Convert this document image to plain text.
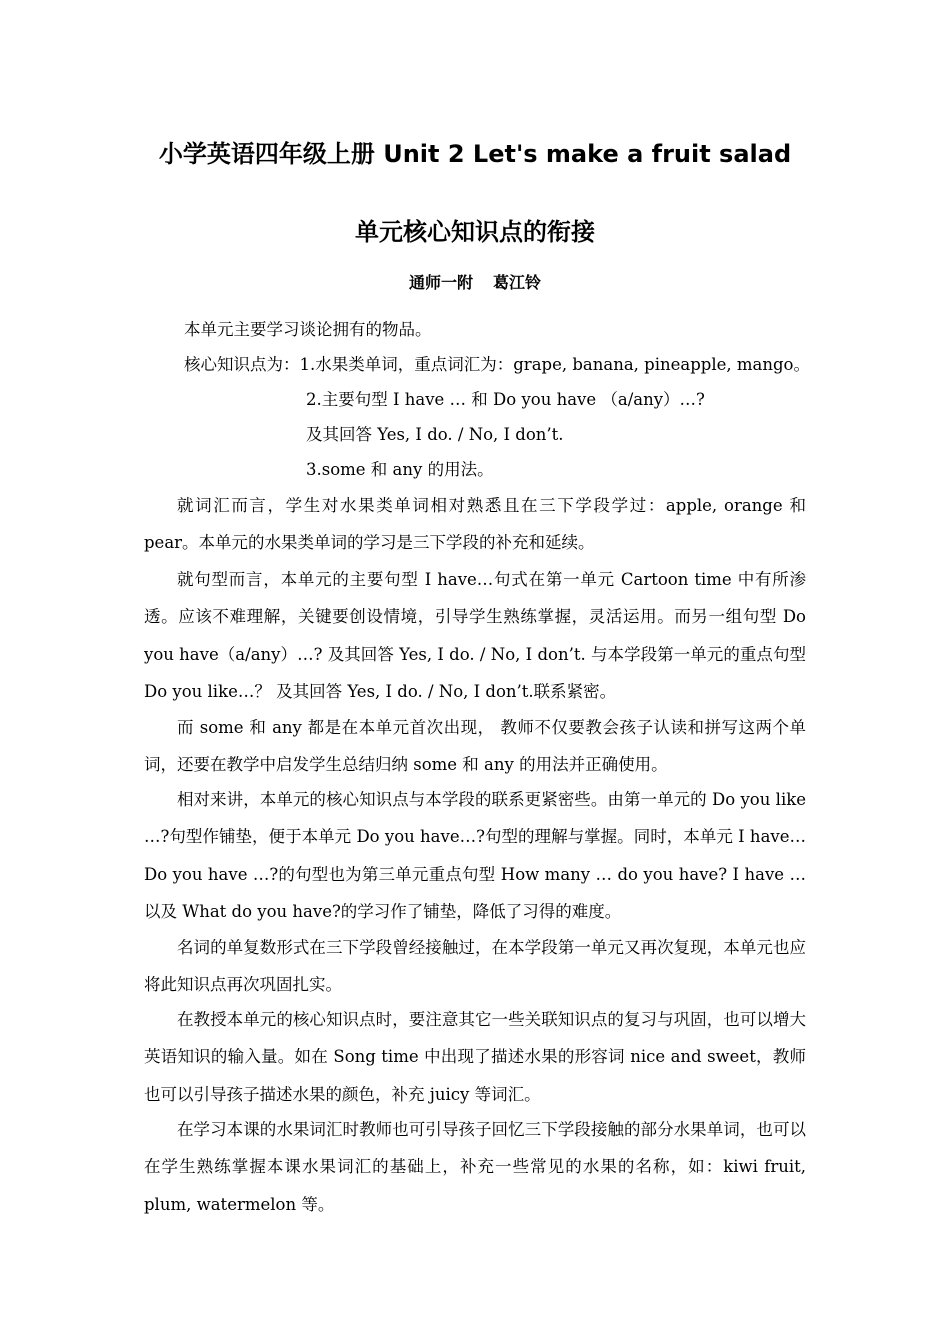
小学英语四年级上册 Unit 2 Let's make a fruit salad
单元核心知识点的衔接
通师一附 葛江铃
本单元主要学习谈论拥有的物品。
核心知识点为：1.水果类单词，重点词汇为：grape, banana, pineapple, mango。
2.主要句型 I have … 和 Do you have （a/any）…?
及其回答 Yes, I do. / No, I don’t.
3.some 和 any 的用法。
就词汇而言，学生对水果类单词相对熟悉且在三下学段学过：apple, orange 和 pear。本单元的水果类单词的学习是三下学段的补充和延续。
就句型而言，本单元的主要句型 I have…句式在第一单元 Cartoon time 中有所渗透。应该不难理解，关键要创设情境，引导学生熟练掌握，灵活运用。而另一组句型 Do you have（a/any）…? 及其回答 Yes, I do. / No, I don’t. 与本学段第一单元的重点句型 Do you like…？ 及其回答 Yes, I do. / No, I don’t.联系紧密。
而 some 和 any 都是在本单元首次出现， 教师不仅要教会孩子认读和拼写这两个单词，还要在教学中启发学生总结归纳 some 和 any 的用法并正确使用。
相对来讲，本单元的核心知识点与本学段的联系更紧密些。由第一单元的 Do you like …?句型作铺垫，便于本单元 Do you have…?句型的理解与掌握。同时，本单元 I have… Do you have …?的句型也为第三单元重点句型 How many … do you have? I have … 以及 What do you have?的学习作了铺垫，降低了习得的难度。
名词的单复数形式在三下学段曾经接触过，在本学段第一单元又再次复现，本单元也应将此知识点再次巩固扎实。
在教授本单元的核心知识点时，要注意其它一些关联知识点的复习与巩固，也可以增大英语知识的输入量。如在 Song time 中出现了描述水果的形容词 nice and sweet，教师也可以引导孩子描述水果的颜色，补充 juicy 等词汇。
在学习本课的水果词汇时教师也可引导孩子回忆三下学段接触的部分水果单词，也可以在学生熟练掌握本课水果词汇的基础上，补充一些常见的水果的名称，如：kiwi fruit, plum, watermelon 等。
